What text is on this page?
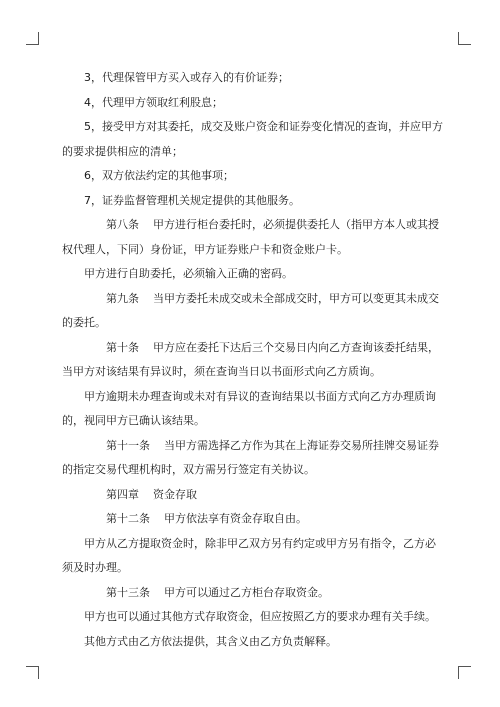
3，代理保管甲方买入或存入的有价证券；

4，代理甲方领取红利股息；

5，接受甲方对其委托，成交及账户资金和证券变化情况的查询，并应甲方的要求提供相应的清单；

6，双方依法约定的其他事项；

7，证券监督管理机关规定提供的其他服务。

第八条 甲方进行柜台委托时，必须提供委托人（指甲方本人或其授权代理人，下同）身份证，甲方证券账户卡和资金账户卡。

甲方进行自助委托，必须输入正确的密码。

第九条 当甲方委托未成交或未全部成交时，甲方可以变更其未成交的委托。

第十条 甲方应在委托下达后三个交易日内向乙方查询该委托结果，当甲方对该结果有异议时，须在查询当日以书面形式向乙方质询。

甲方逾期未办理查询或未对有异议的查询结果以书面方式向乙方办理质询的，视同甲方已确认该结果。

第十一条 当甲方需选择乙方作为其在上海证券交易所挂牌交易证券的指定交易代理机构时，双方需另行签定有关协议。

第四章 资金存取

第十二条 甲方依法享有资金存取自由。

甲方从乙方提取资金时，除非甲乙双方另有约定或甲方另有指令，乙方必须及时办理。

第十三条 甲方可以通过乙方柜台存取资金。

甲方也可以通过其他方式存取资金，但应按照乙方的要求办理有关手续。

其他方式由乙方依法提供，其含义由乙方负责解释。
